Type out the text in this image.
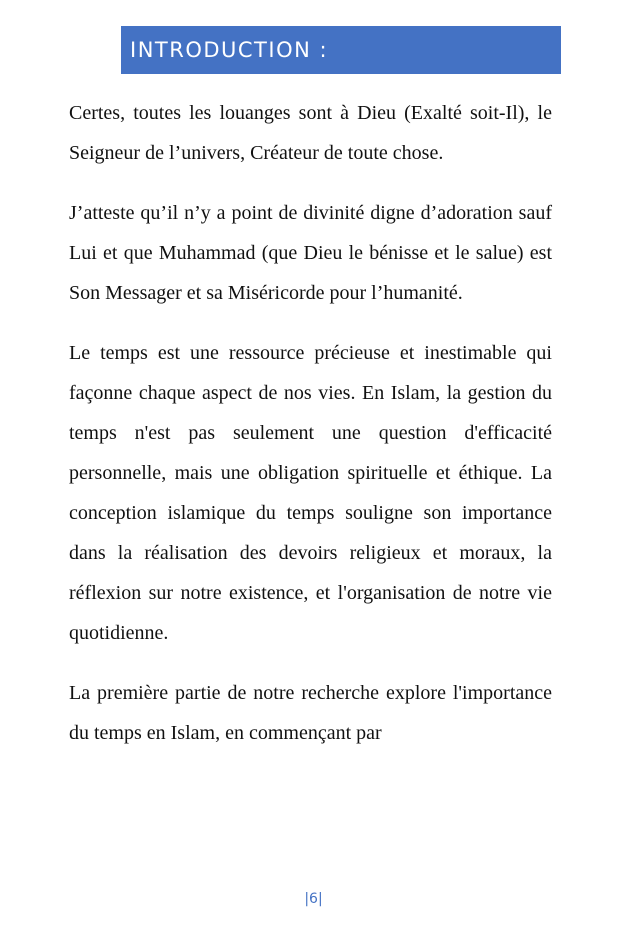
INTRODUCTION :

Certes, toutes les louanges sont à Dieu (Exalté soit-Il), le Seigneur de l’univers, Créateur de toute chose.

J’atteste qu’il n’y a point de divinité digne d’adoration sauf Lui et que Muhammad (que Dieu le bénisse et le salue) est Son Messager et sa Miséricorde pour l’humanité.

Le temps est une ressource précieuse et inestimable qui façonne chaque aspect de nos vies. En Islam, la gestion du temps n'est pas seulement une question d'efficacité personnelle, mais une obligation spirituelle et éthique. La conception islamique du temps souligne son importance dans la réalisation des devoirs religieux et moraux, la réflexion sur notre existence, et l'organisation de notre vie quotidienne.

La première partie de notre recherche explore l'importance du temps en Islam, en commençant par

|6|
